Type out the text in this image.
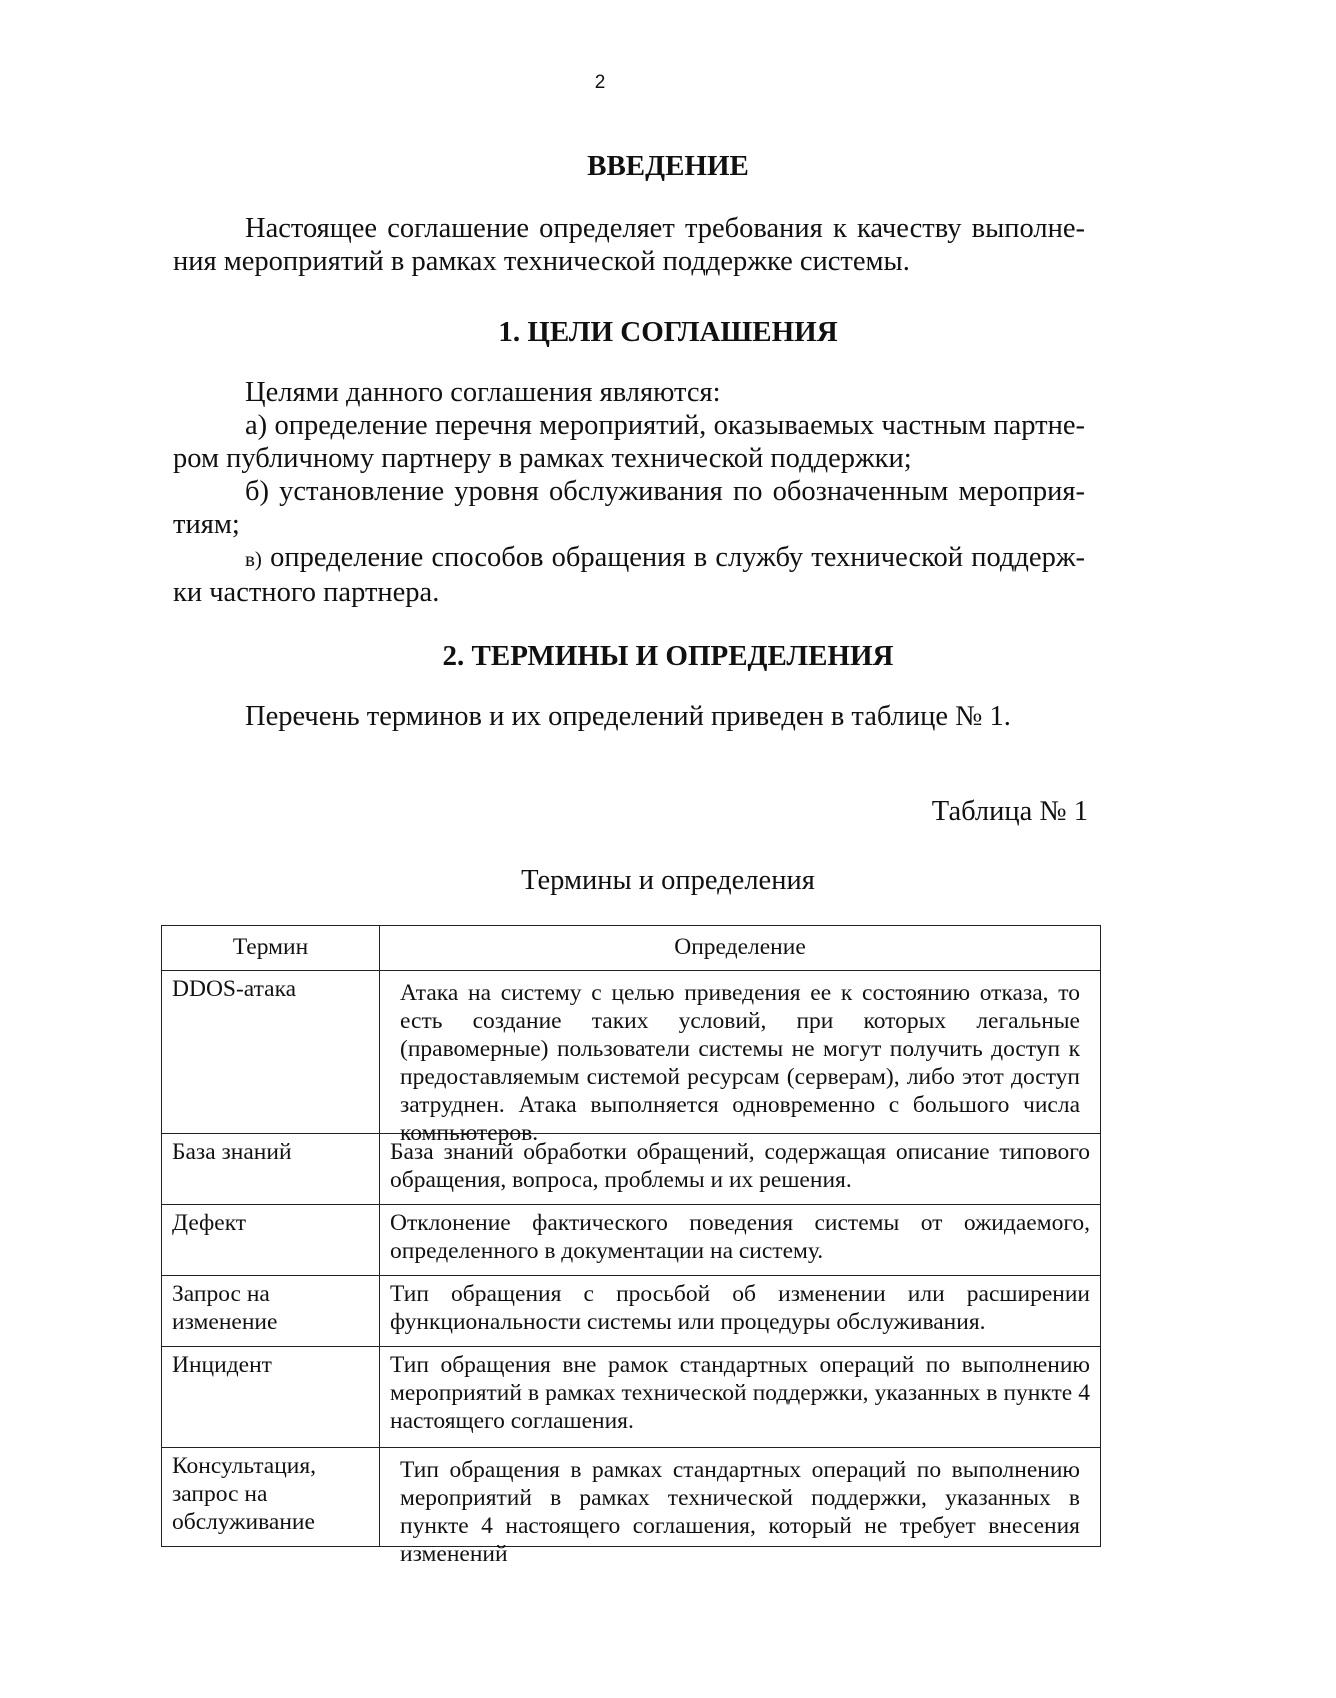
2
ВВЕДЕНИЕ

Настоящее соглашение определяет требования к качеству выполне-
ния мероприятий в рамках технической поддержке системы.

1. ЦЕЛИ СОГЛАШЕНИЯ
Целями данного соглашения являются:
а) определение перечня мероприятий, оказываемых частным партне-
ром публичному партнеру в рамках технической поддержки;
б) установление уровня обслуживания по обозначенным мероприя-
тиям;
в) определение способов обращения в службу технической поддерж-
ки частного партнера.
2. ТЕРМИНЫ И ОПРЕДЕЛЕНИЯ

Перечень терминов и их определений приведен в таблице № 1.

Таблица № 1
Термины и определения
Термин	Определение
DDOS-атака	Атака на систему с целью приведения ее к состоянию отказа, то есть создание таких условий, при которых легальные (правомерные) пользователи системы не могут получить доступ к предоставляемым системой ресурсам (серверам), либо этот доступ затруднен. Атака выполняется одновременно с большого числа компьютеров.

База знаний	База знаний обработки обращений, содержащая описание типового обращения, вопроса, проблемы и их решения.
Дефект	Отклонение фактического поведения системы от ожидаемого, определенного в документации на систему.
Запрос на изменение	Тип обращения с просьбой об изменении или расширении функциональности системы или процедуры обслуживания.
Инцидент	Тип обращения вне рамок стандартных операций по выполнению мероприятий в рамках технической поддержки, указанных в пункте 4 настоящего соглашения.
Консультация, запрос на обслуживание	Тип обращения в рамках стандартных операций по выполнению мероприятий в рамках технической поддержки, указанных в пункте 4 настоящего соглашения, который не требует внесения изменений
